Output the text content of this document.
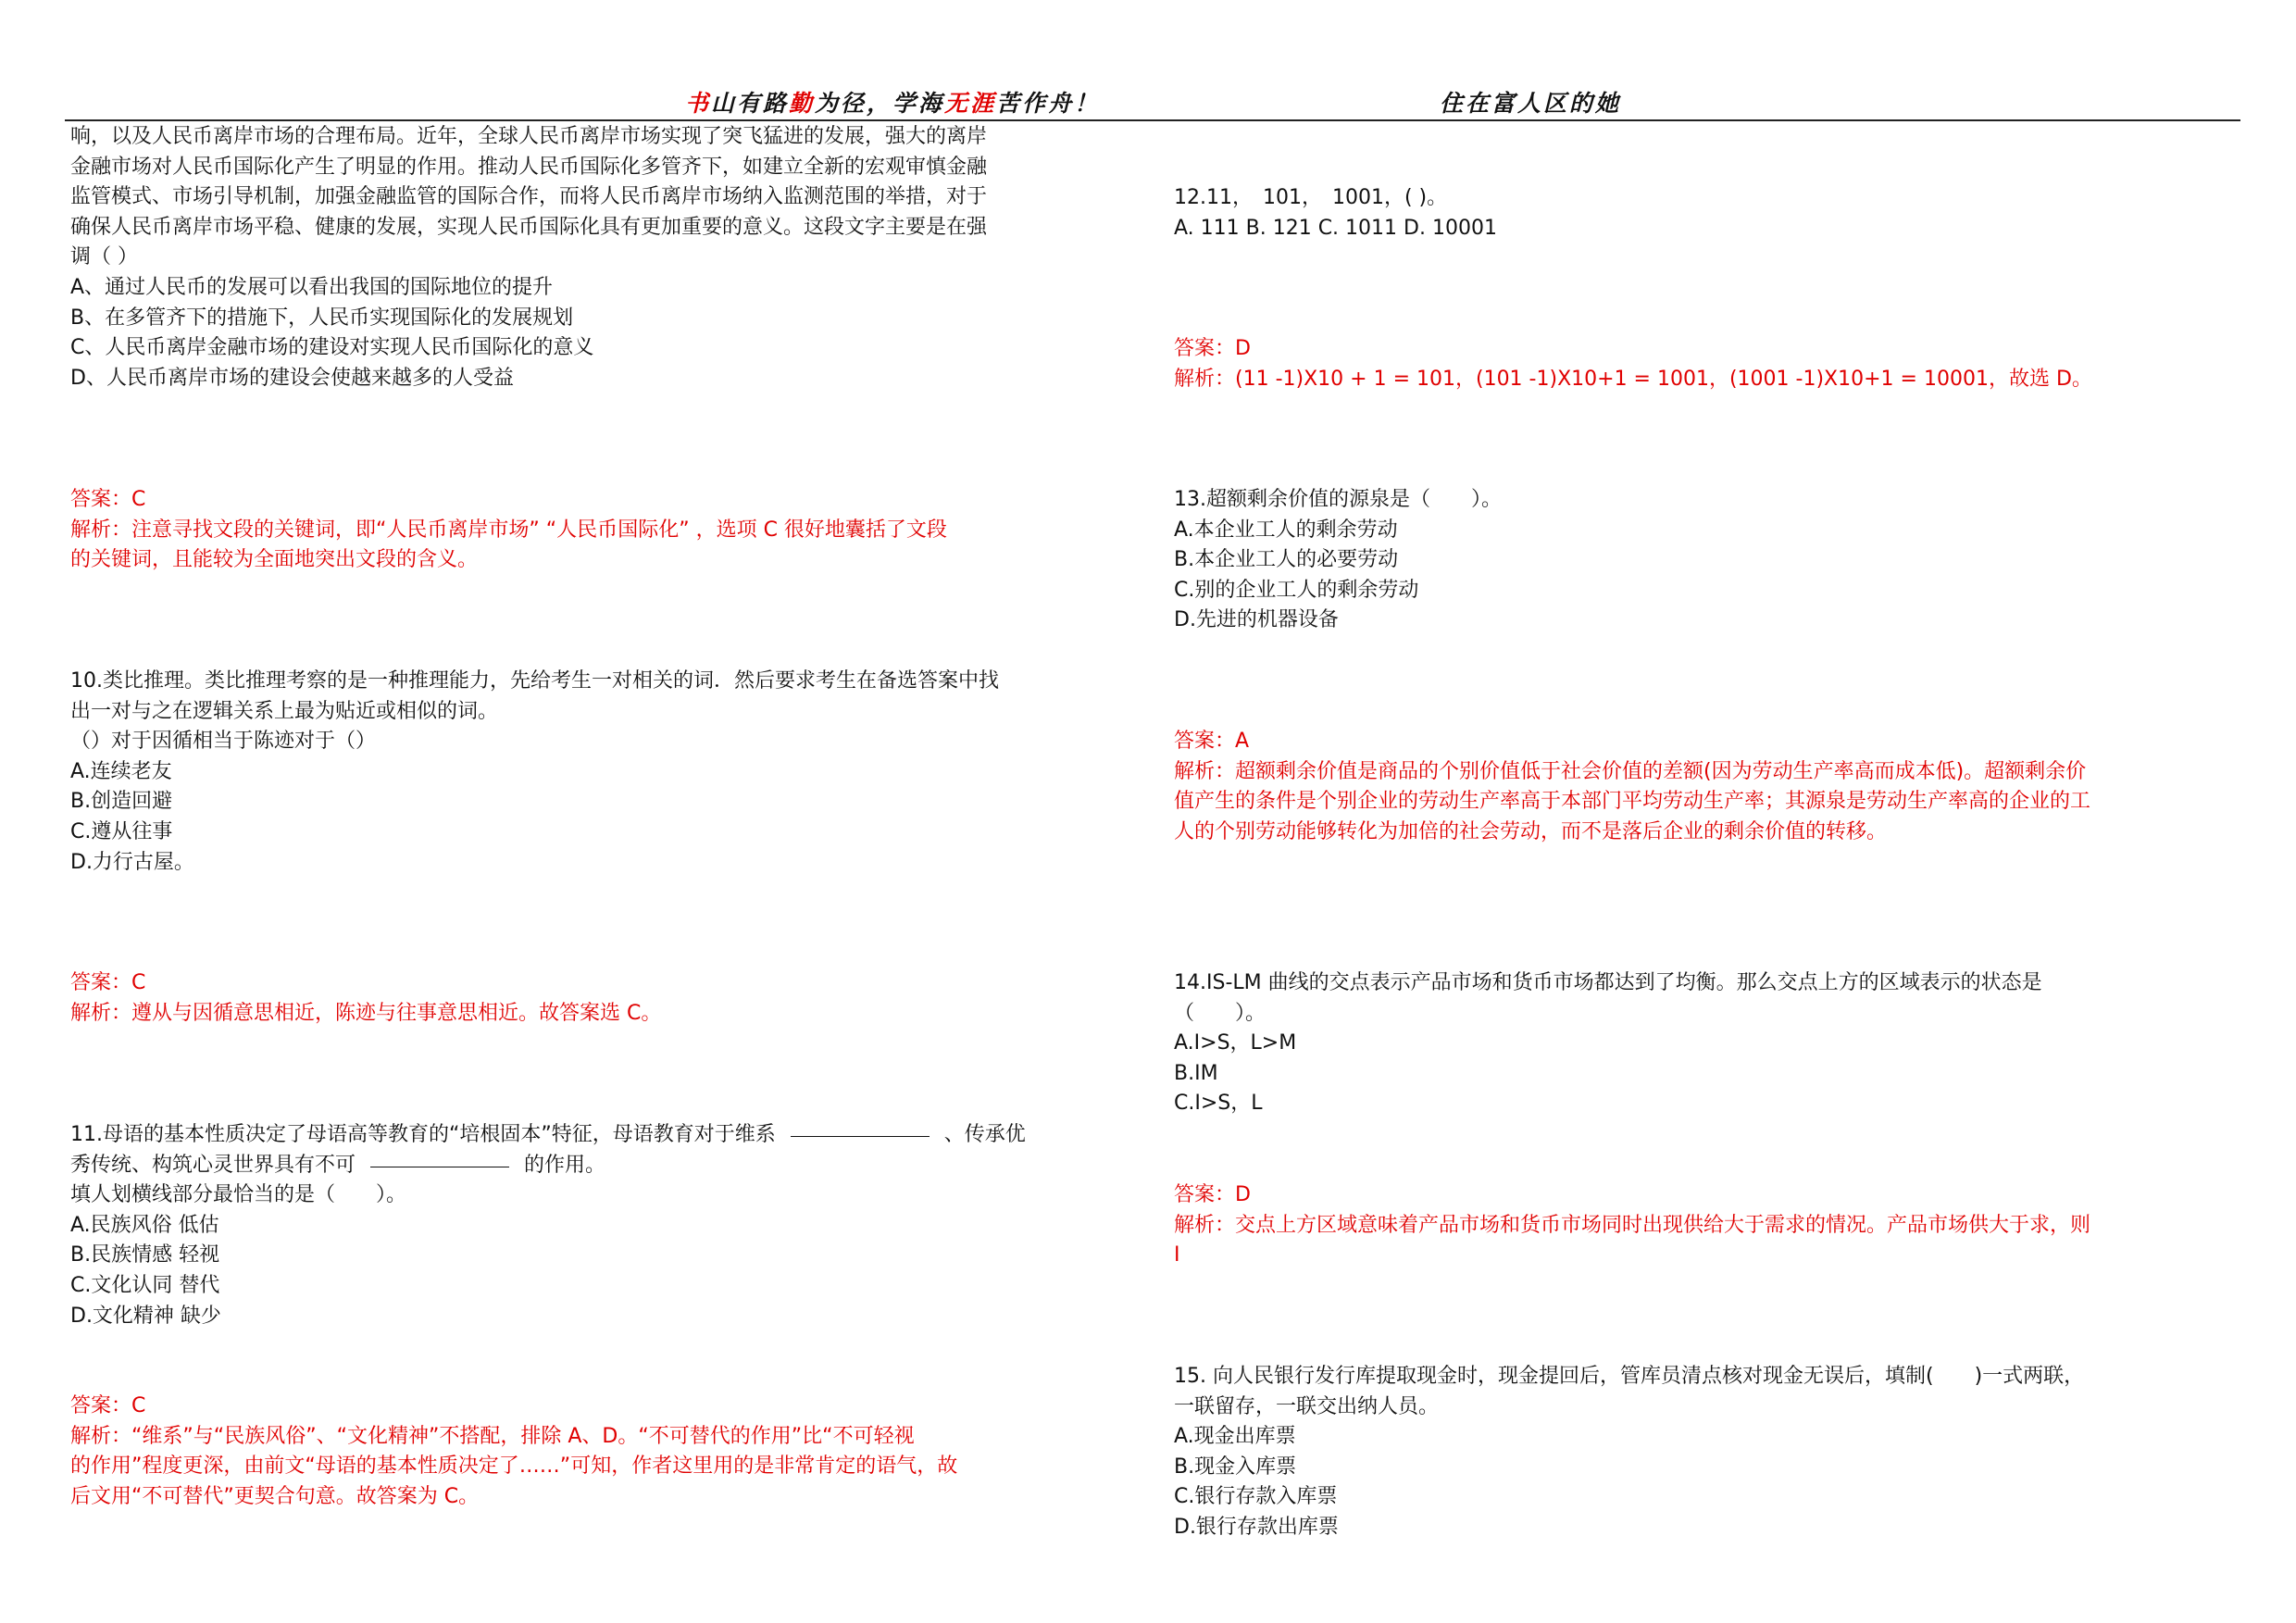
书山有路勤为径，学海无涯苦作舟！	住在富人区的她

响，以及人民币离岸市场的合理布局。近年，全球人民币离岸市场实现了突飞猛进的发展，强大的离岸

金融市场对人民币国际化产生了明显的作用。推动人民币国际化多管齐下，如建立全新的宏观审慎金融

监管模式、市场引导机制，加强金融监管的国际合作，而将人民币离岸市场纳入监测范围的举措，对于

确保人民币离岸市场平稳、健康的发展，实现人民币国际化具有更加重要的意义。这段文字主要是在强

调（ ）

A、通过人民币的发展可以看出我国的国际地位的提升

B、在多管齐下的措施下，人民币实现国际化的发展规划

C、人民币离岸金融市场的建设对实现人民币国际化的意义

D、人民币离岸市场的建设会使越来越多的人受益

答案：C

解析：注意寻找文段的关键词，即“人民币离岸市场” “人民币国际化” ，选项 C 很好地囊括了文段

的关键词，且能较为全面地突出文段的含义。

10.类比推理。类比推理考察的是一种推理能力，先给考生一对相关的词．然后要求考生在备选答案中找

出一对与之在逻辑关系上最为贴近或相似的词。

（）对于因循相当于陈迹对于（）

A.连续老友

B.创造回避

C.遵从往事

D.力行古屋。

答案：C

解析：遵从与因循意思相近，陈迹与往事意思相近。故答案选 C。

11.母语的基本性质决定了母语高等教育的“培根固本”特征，母语教育对于维系	、传承优

秀传统、构筑心灵世界具有不可	的作用。

填人划横线部分最恰当的是（　　）。

A.民族风俗 低估

B.民族情感 轻视

C.文化认同 替代

D.文化精神 缺少

答案：C

解析：“维系”与“民族风俗”、“文化精神”不搭配，排除 A、D。“不可替代的作用”比“不可轻视

的作用”程度更深，由前文“母语的基本性质决定了……”可知，作者这里用的是非常肯定的语气，故

后文用“不可替代”更契合句意。故答案为 C。

12.11，　101，　1001，( )。

A. 111 B. 121 C. 1011 D. 10001

答案：D

解析：(11 -1)X10 + 1 = 101，(101 -1)X10+1 = 1001，(1001 -1)X10+1 = 10001，故选 D。

13.超额剩余价值的源泉是（　　）。

A.本企业工人的剩余劳动

B.本企业工人的必要劳动

C.别的企业工人的剩余劳动

D.先进的机器设备

答案：A

解析：超额剩余价值是商品的个别价值低于社会价值的差额(因为劳动生产率高而成本低)。超额剩余价

值产生的条件是个别企业的劳动生产率高于本部门平均劳动生产率；其源泉是劳动生产率高的企业的工

人的个别劳动能够转化为加倍的社会劳动，而不是落后企业的剩余价值的转移。

14.IS-LM 曲线的交点表示产品市场和货币市场都达到了均衡。那么交点上方的区域表示的状态是

（　　）。

A.I>S，L>M

B.IM

C.I>S，L

答案：D

解析：交点上方区域意味着产品市场和货币市场同时出现供给大于需求的情况。产品市场供大于求，则

I

15. 向人民银行发行库提取现金时，现金提回后，管库员清点核对现金无误后，填制(　　)一式两联，

一联留存，一联交出纳人员。

A.现金出库票

B.现金入库票

C.银行存款入库票

D.银行存款出库票
